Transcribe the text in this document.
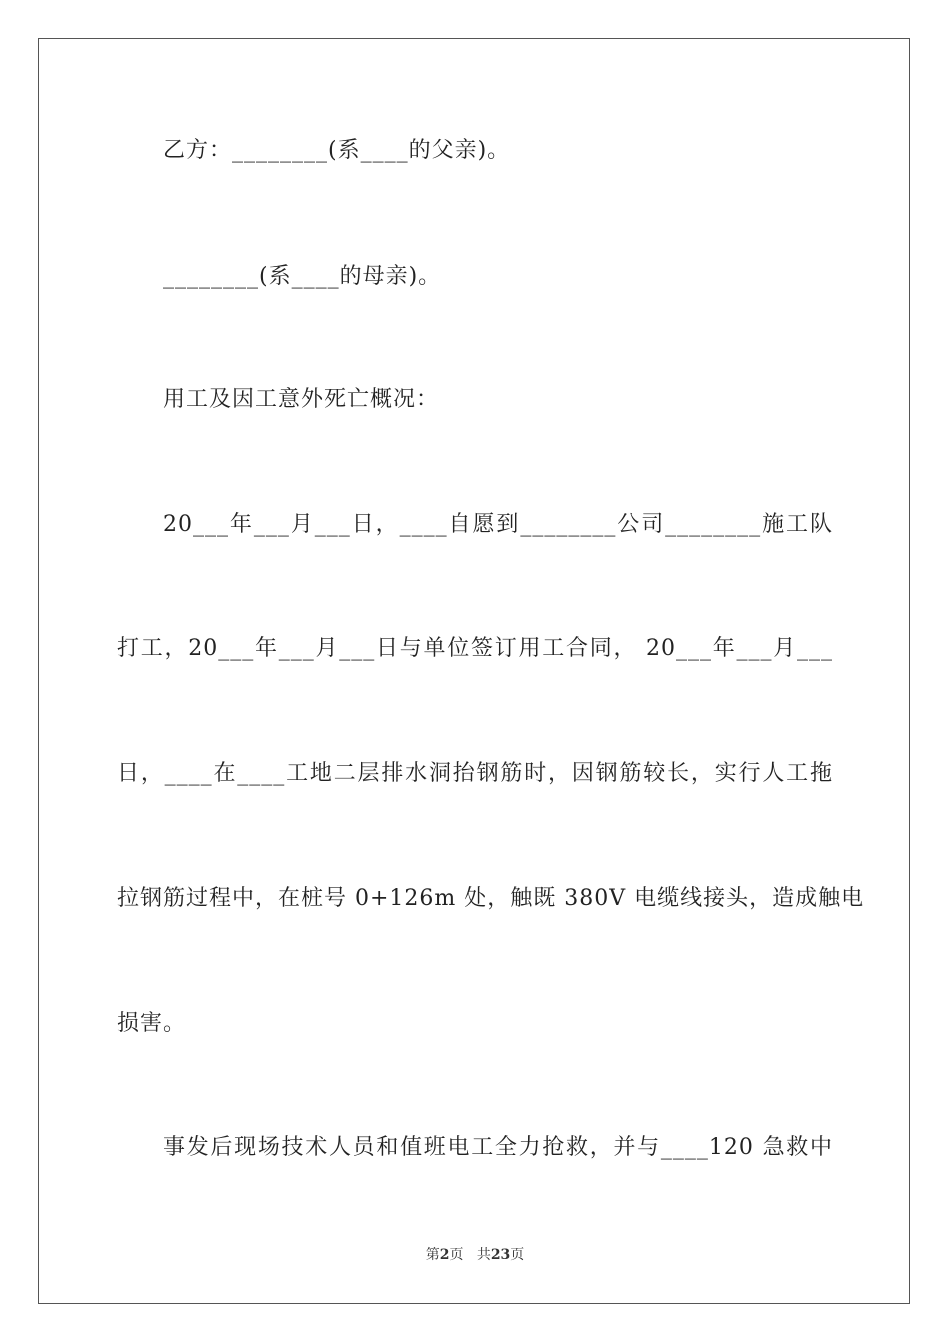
乙方：________(系____的父亲)。
________(系____的母亲)。
用工及因工意外死亡概况：
20___年___月___日，____自愿到________公司________施工队
打工，20___年___月___日与单位签订用工合同， 20___年___月___
日，____在____工地二层排水洞抬钢筋时，因钢筋较长，实行人工拖
拉钢筋过程中，在桩号 0+126m 处，触既 380V 电缆线接头，造成触电
损害。
事发后现场技术人员和值班电工全力抢救，并与____120 急救中
第2页 共23页
